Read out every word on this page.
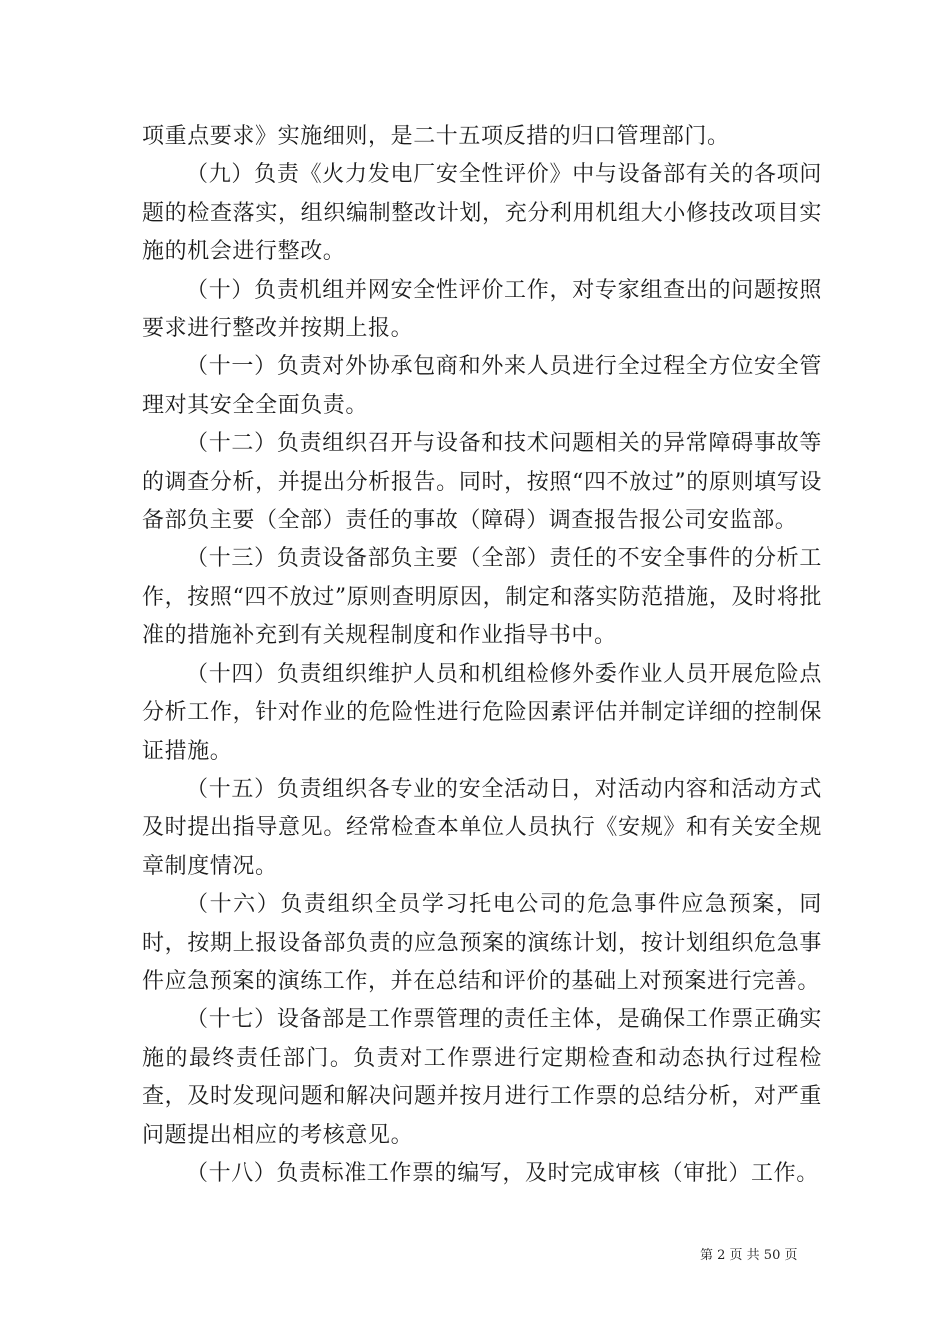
项重点要求》实施细则，是二十五项反措的归口管理部门。

（九）负责《火力发电厂安全性评价》中与设备部有关的各项问题的检查落实，组织编制整改计划，充分利用机组大小修技改项目实施的机会进行整改。

（十）负责机组并网安全性评价工作，对专家组查出的问题按照要求进行整改并按期上报。

（十一）负责对外协承包商和外来人员进行全过程全方位安全管理对其安全全面负责。

（十二）负责组织召开与设备和技术问题相关的异常障碍事故等的调查分析，并提出分析报告。同时，按照“四不放过”的原则填写设备部负主要（全部）责任的事故（障碍）调查报告报公司安监部。

（十三）负责设备部负主要（全部）责任的不安全事件的分析工作，按照“四不放过”原则查明原因，制定和落实防范措施，及时将批准的措施补充到有关规程制度和作业指导书中。

（十四）负责组织维护人员和机组检修外委作业人员开展危险点分析工作，针对作业的危险性进行危险因素评估并制定详细的控制保证措施。

（十五）负责组织各专业的安全活动日，对活动内容和活动方式及时提出指导意见。经常检查本单位人员执行《安规》和有关安全规章制度情况。

（十六）负责组织全员学习托电公司的危急事件应急预案，同时，按期上报设备部负责的应急预案的演练计划，按计划组织危急事件应急预案的演练工作，并在总结和评价的基础上对预案进行完善。

（十七）设备部是工作票管理的责任主体，是确保工作票正确实施的最终责任部门。负责对工作票进行定期检查和动态执行过程检查，及时发现问题和解决问题并按月进行工作票的总结分析，对严重问题提出相应的考核意见。

（十八）负责标准工作票的编写，及时完成审核（审批）工作。

第 2 页 共 50 页
